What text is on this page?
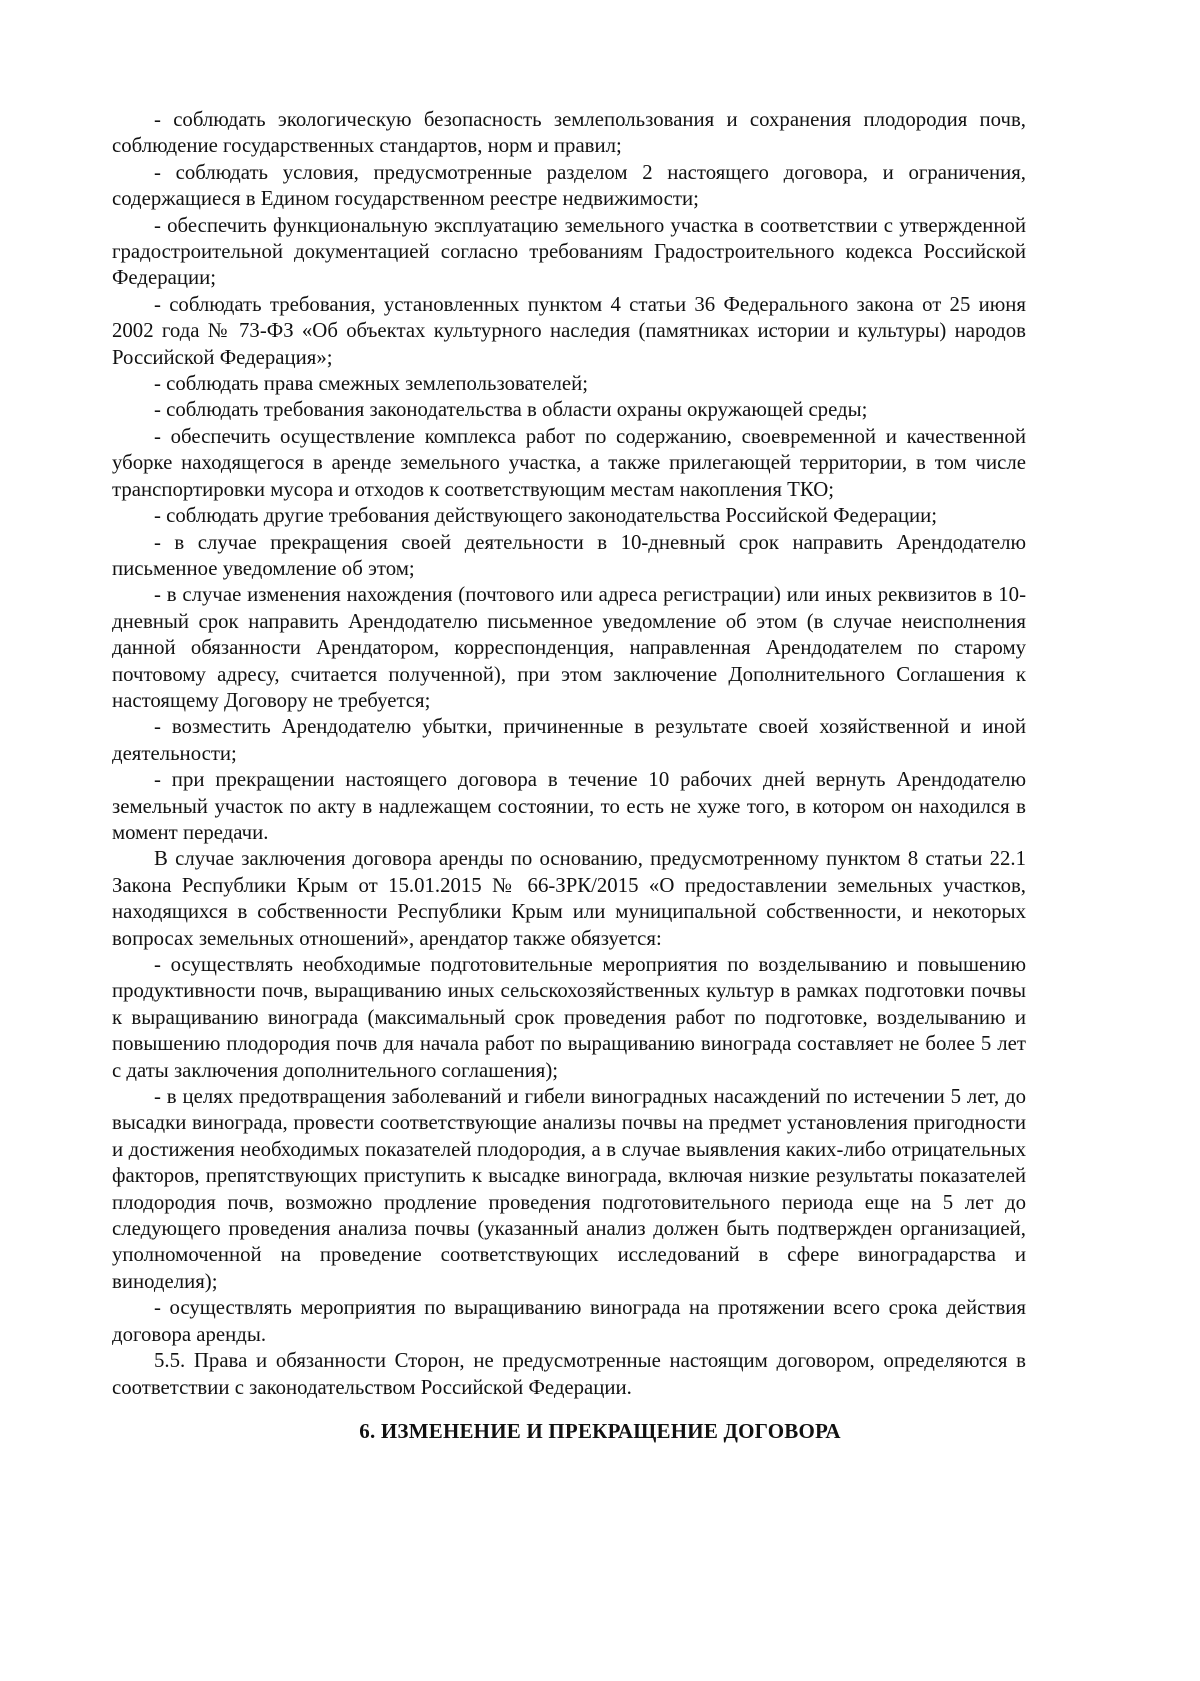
- соблюдать экологическую безопасность землепользования и сохранения плодородия почв, соблюдение государственных стандартов, норм и правил;

- соблюдать условия, предусмотренные разделом 2 настоящего договора, и ограничения, содержащиеся в Едином государственном реестре недвижимости;

- обеспечить функциональную эксплуатацию земельного участка в соответствии с утвержденной градостроительной документацией согласно требованиям Градостроительного кодекса Российской Федерации;

- соблюдать требования, установленных пунктом 4 статьи 36 Федерального закона от 25 июня 2002 года № 73-ФЗ «Об объектах культурного наследия (памятниках истории и культуры) народов Российской Федерация»;

- соблюдать права смежных землепользователей;

- соблюдать требования законодательства в области охраны окружающей среды;

- обеспечить осуществление комплекса работ по содержанию, своевременной и качественной уборке находящегося в аренде земельного участка, а также прилегающей территории, в том числе транспортировки мусора и отходов к соответствующим местам накопления ТКО;

- соблюдать другие требования действующего законодательства Российской Федерации;

- в случае прекращения своей деятельности в 10-дневный срок направить Арендодателю письменное уведомление об этом;

- в случае изменения нахождения (почтового или адреса регистрации) или иных реквизитов в 10-дневный срок направить Арендодателю письменное уведомление об этом (в случае неисполнения данной обязанности Арендатором, корреспонденция, направленная Арендодателем по старому почтовому адресу, считается полученной), при этом заключение Дополнительного Соглашения к настоящему Договору не требуется;

- возместить Арендодателю убытки, причиненные в результате своей хозяйственной и иной деятельности;

- при прекращении настоящего договора в течение 10 рабочих дней вернуть Арендодателю земельный участок по акту в надлежащем состоянии, то есть не хуже того, в котором он находился в момент передачи.

В случае заключения договора аренды по основанию, предусмотренному пунктом 8 статьи 22.1 Закона Республики Крым от 15.01.2015 № 66-ЗРК/2015 «О предоставлении земельных участков, находящихся в собственности Республики Крым или муниципальной собственности, и некоторых вопросах земельных отношений», арендатор также обязуется:

- осуществлять необходимые подготовительные мероприятия по возделыванию и повышению продуктивности почв, выращиванию иных сельскохозяйственных культур в рамках подготовки почвы к выращиванию винограда (максимальный срок проведения работ по подготовке, возделыванию и повышению плодородия почв для начала работ по выращиванию винограда составляет не более 5 лет с даты заключения дополнительного соглашения);

- в целях предотвращения заболеваний и гибели виноградных насаждений по истечении 5 лет, до высадки винограда, провести соответствующие анализы почвы на предмет установления пригодности и достижения необходимых показателей плодородия, а в случае выявления каких-либо отрицательных факторов, препятствующих приступить к высадке винограда, включая низкие результаты показателей плодородия почв, возможно продление проведения подготовительного периода еще на 5 лет до следующего проведения анализа почвы (указанный анализ должен быть подтвержден организацией, уполномоченной на проведение соответствующих исследований в сфере виноградарства и виноделия);

- осуществлять мероприятия по выращиванию винограда на протяжении всего срока действия договора аренды.

5.5. Права и обязанности Сторон, не предусмотренные настоящим договором, определяются в соответствии с законодательством Российской Федерации.

6. ИЗМЕНЕНИЕ И ПРЕКРАЩЕНИЕ ДОГОВОРА
